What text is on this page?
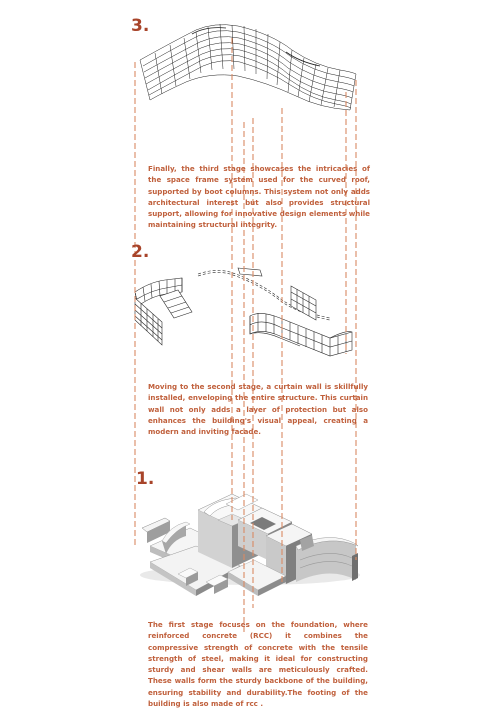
3.

Finally, the third stage showcases the intricacies of the space frame system used for the curved roof, supported by boot columns. This system not only adds architectural interest but also provides structural support, allowing for innovative design elements while maintaining structural integrity.

2.

Moving to the second stage, a curtain wall is skillfully installed, enveloping the entire structure. This curtain wall not only adds a layer of protection but also enhances the building's visual appeal, creating a modern and inviting facade.

1.

The first stage focuses on the foundation, where reinforced concrete (RCC) it combines the compressive strength of concrete with the tensile strength of steel, making it ideal for constructing sturdy and shear walls are meticulously crafted. These walls form the sturdy backbone of the building, ensuring stability and durability.The footing of the building is also made of rcc .
